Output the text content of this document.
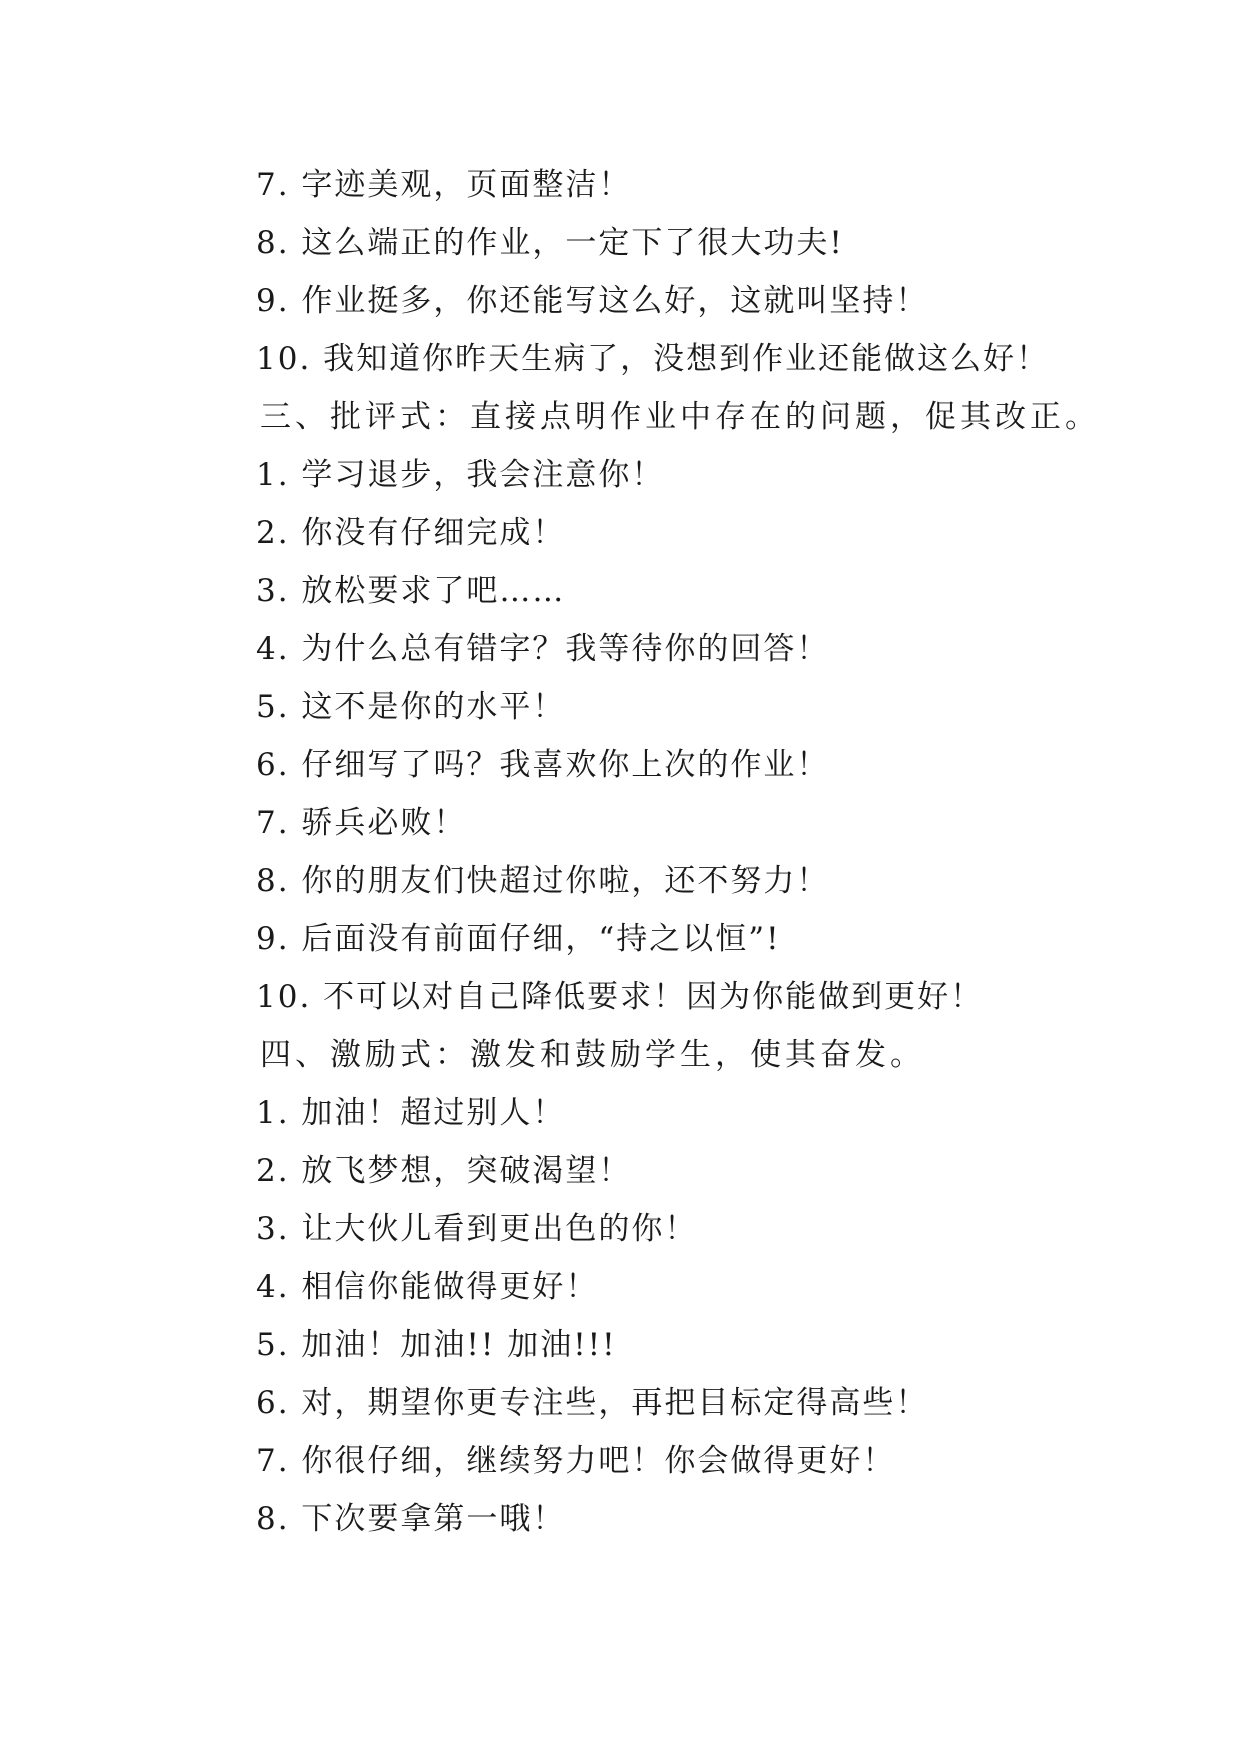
7. 字迹美观，页面整洁！

8. 这么端正的作业，一定下了很大功夫!

9. 作业挺多，你还能写这么好，这就叫坚持！

10. 我知道你昨天生病了，没想到作业还能做这么好！

三、批评式：直接点明作业中存在的问题，促其改正。

1. 学习退步，我会注意你！

2. 你没有仔细完成！

3. 放松要求了吧……

4. 为什么总有错字？我等待你的回答！

5. 这不是你的水平！

6. 仔细写了吗？我喜欢你上次的作业！

7. 骄兵必败！

8. 你的朋友们快超过你啦，还不努力！

9. 后面没有前面仔细，“持之以恒”!

10. 不可以对自己降低要求！因为你能做到更好！

四、激励式：激发和鼓励学生，使其奋发。

1. 加油！超过别人！

2. 放飞梦想，突破渴望！

3. 让大伙儿看到更出色的你！

4. 相信你能做得更好！

5. 加油！加油!! 加油!!!

6. 对，期望你更专注些，再把目标定得高些！

7. 你很仔细，继续努力吧！你会做得更好！

8. 下次要拿第一哦！
